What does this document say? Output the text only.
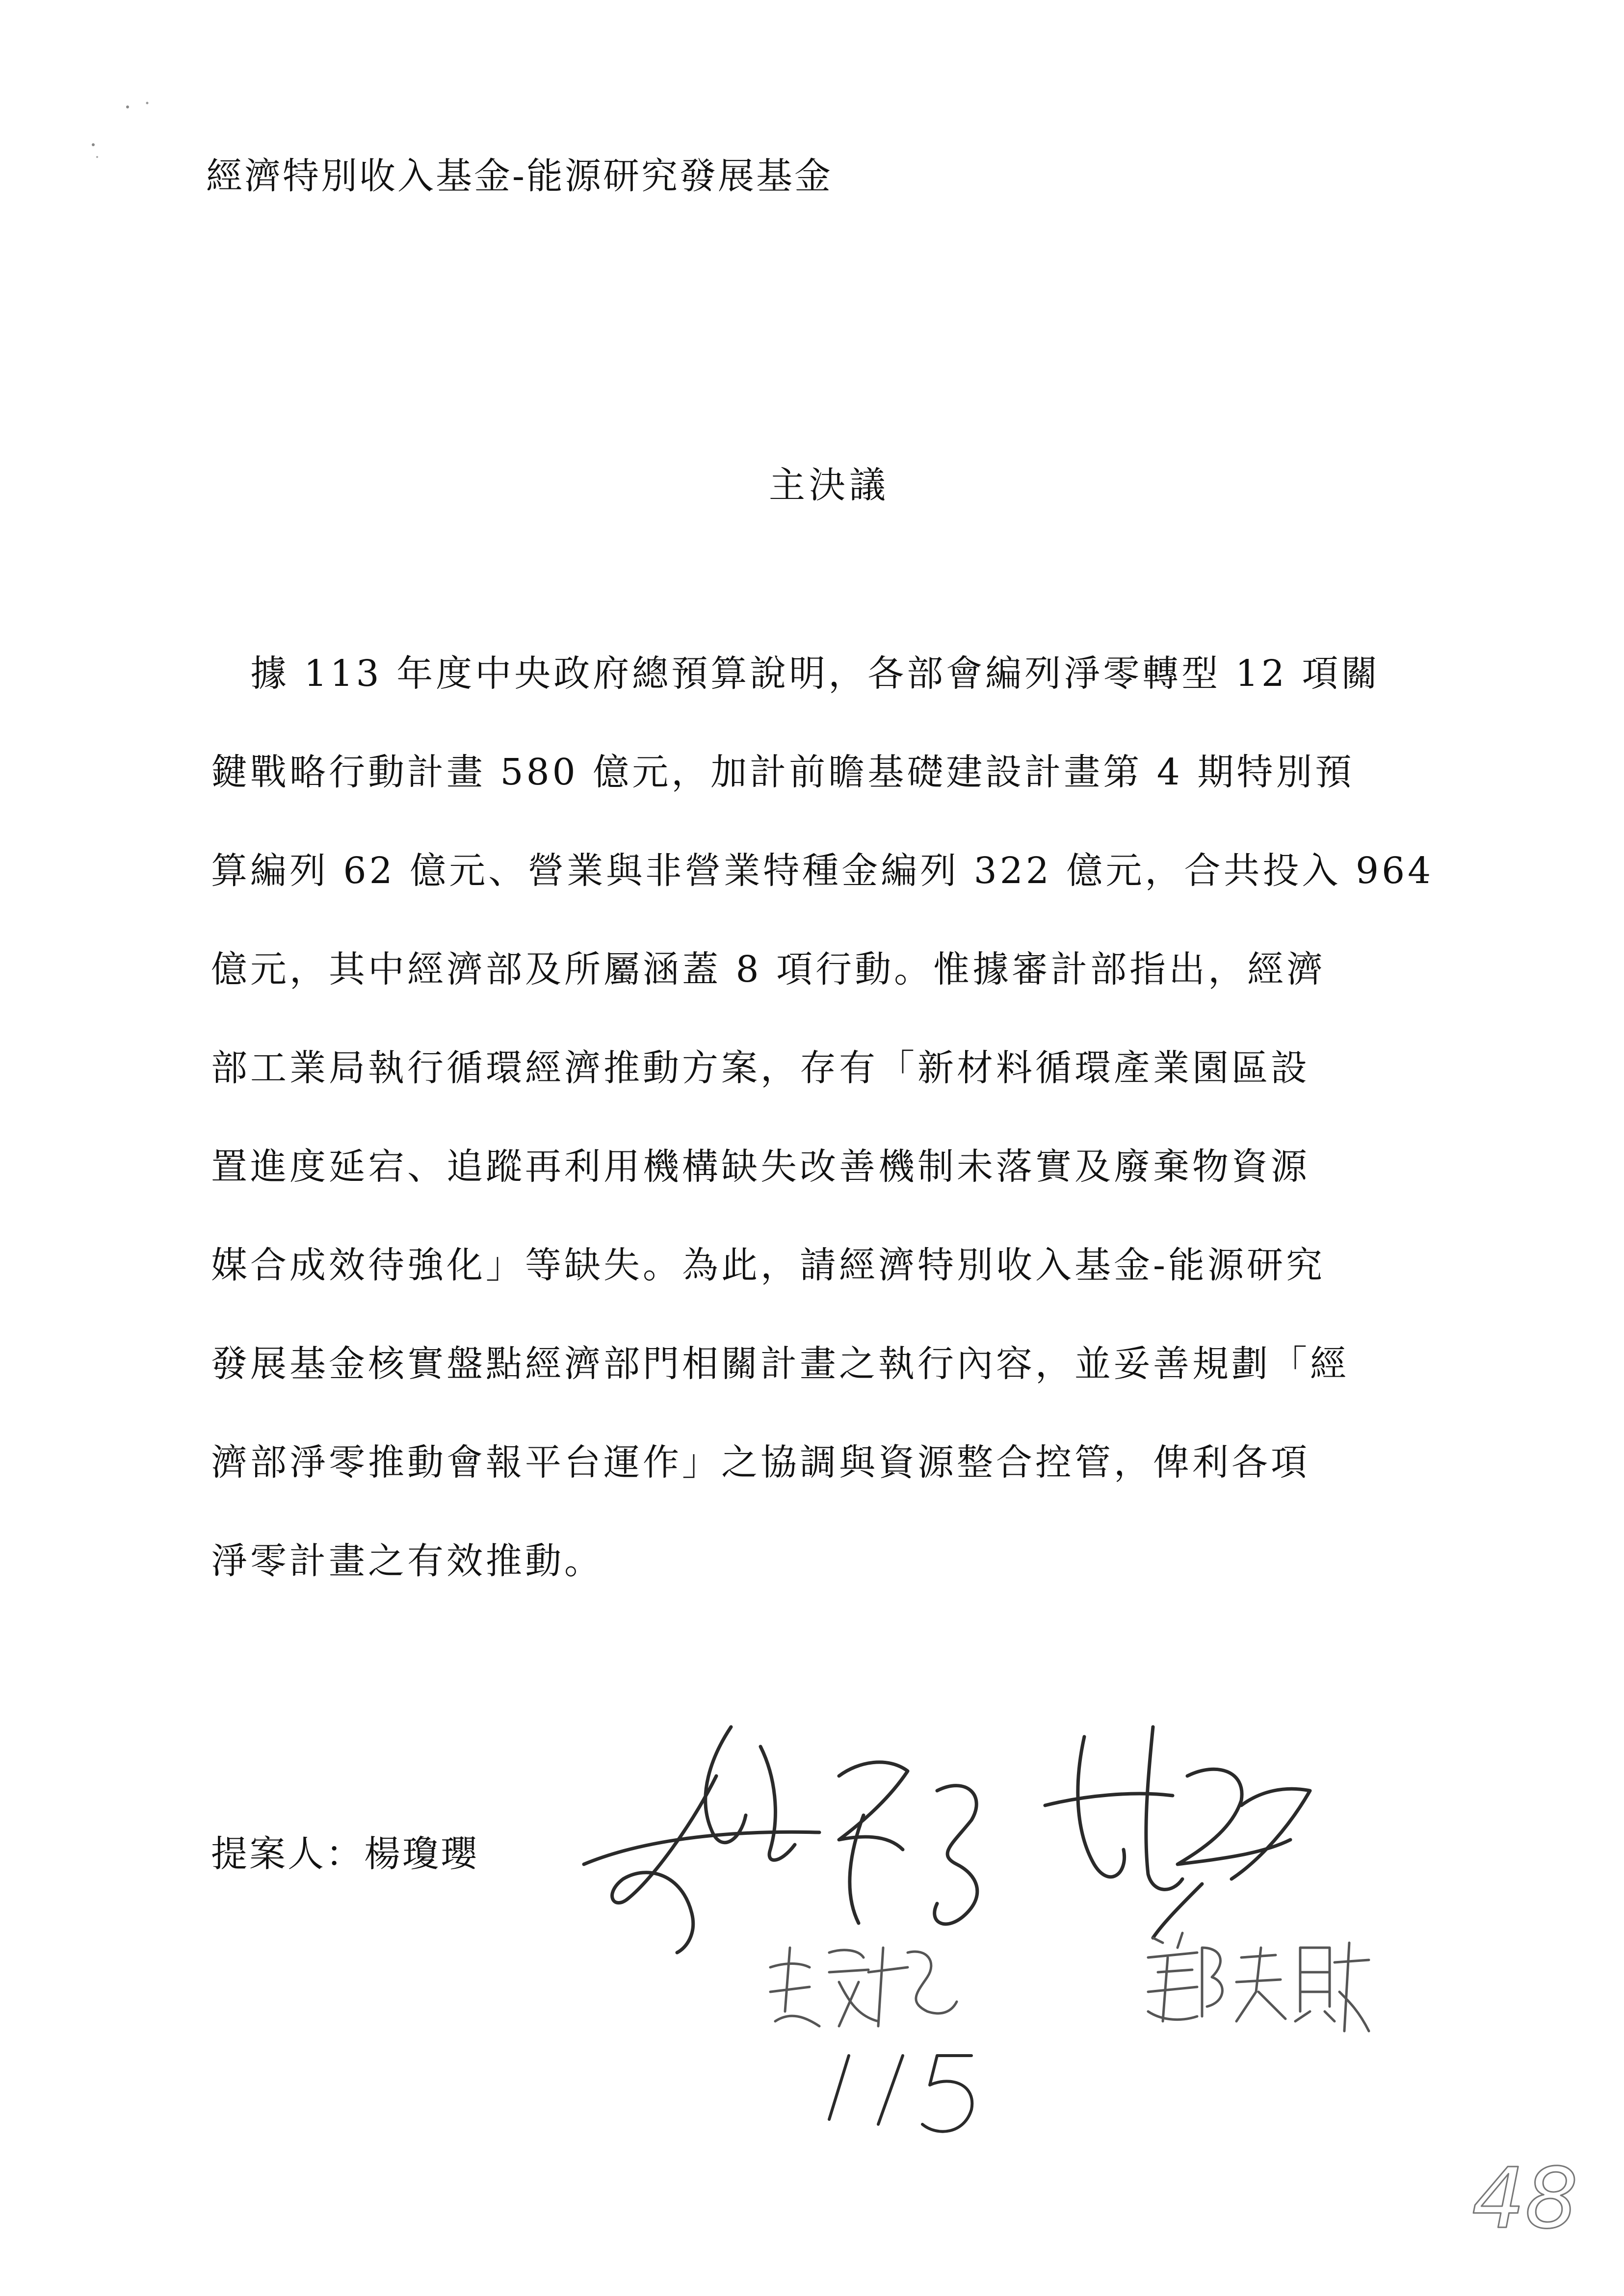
經濟特別收入基金-能源研究發展基金
主決議
據 113 年度中央政府總預算說明，各部會編列淨零轉型 12 項關
鍵戰略行動計畫 580 億元，加計前瞻基礎建設計畫第 4 期特別預
算編列 62 億元、營業與非營業特種金編列 322 億元，合共投入 964
億元，其中經濟部及所屬涵蓋 8 項行動。惟據審計部指出，經濟
部工業局執行循環經濟推動方案，存有「新材料循環產業園區設
置進度延宕、追蹤再利用機構缺失改善機制未落實及廢棄物資源
媒合成效待強化」等缺失。為此，請經濟特別收入基金-能源研究
發展基金核實盤點經濟部門相關計畫之執行內容，並妥善規劃「經
濟部淨零推動會報平台運作」之協調與資源整合控管，俾利各項
淨零計畫之有效推動。
提案人：楊瓊瓔
48
